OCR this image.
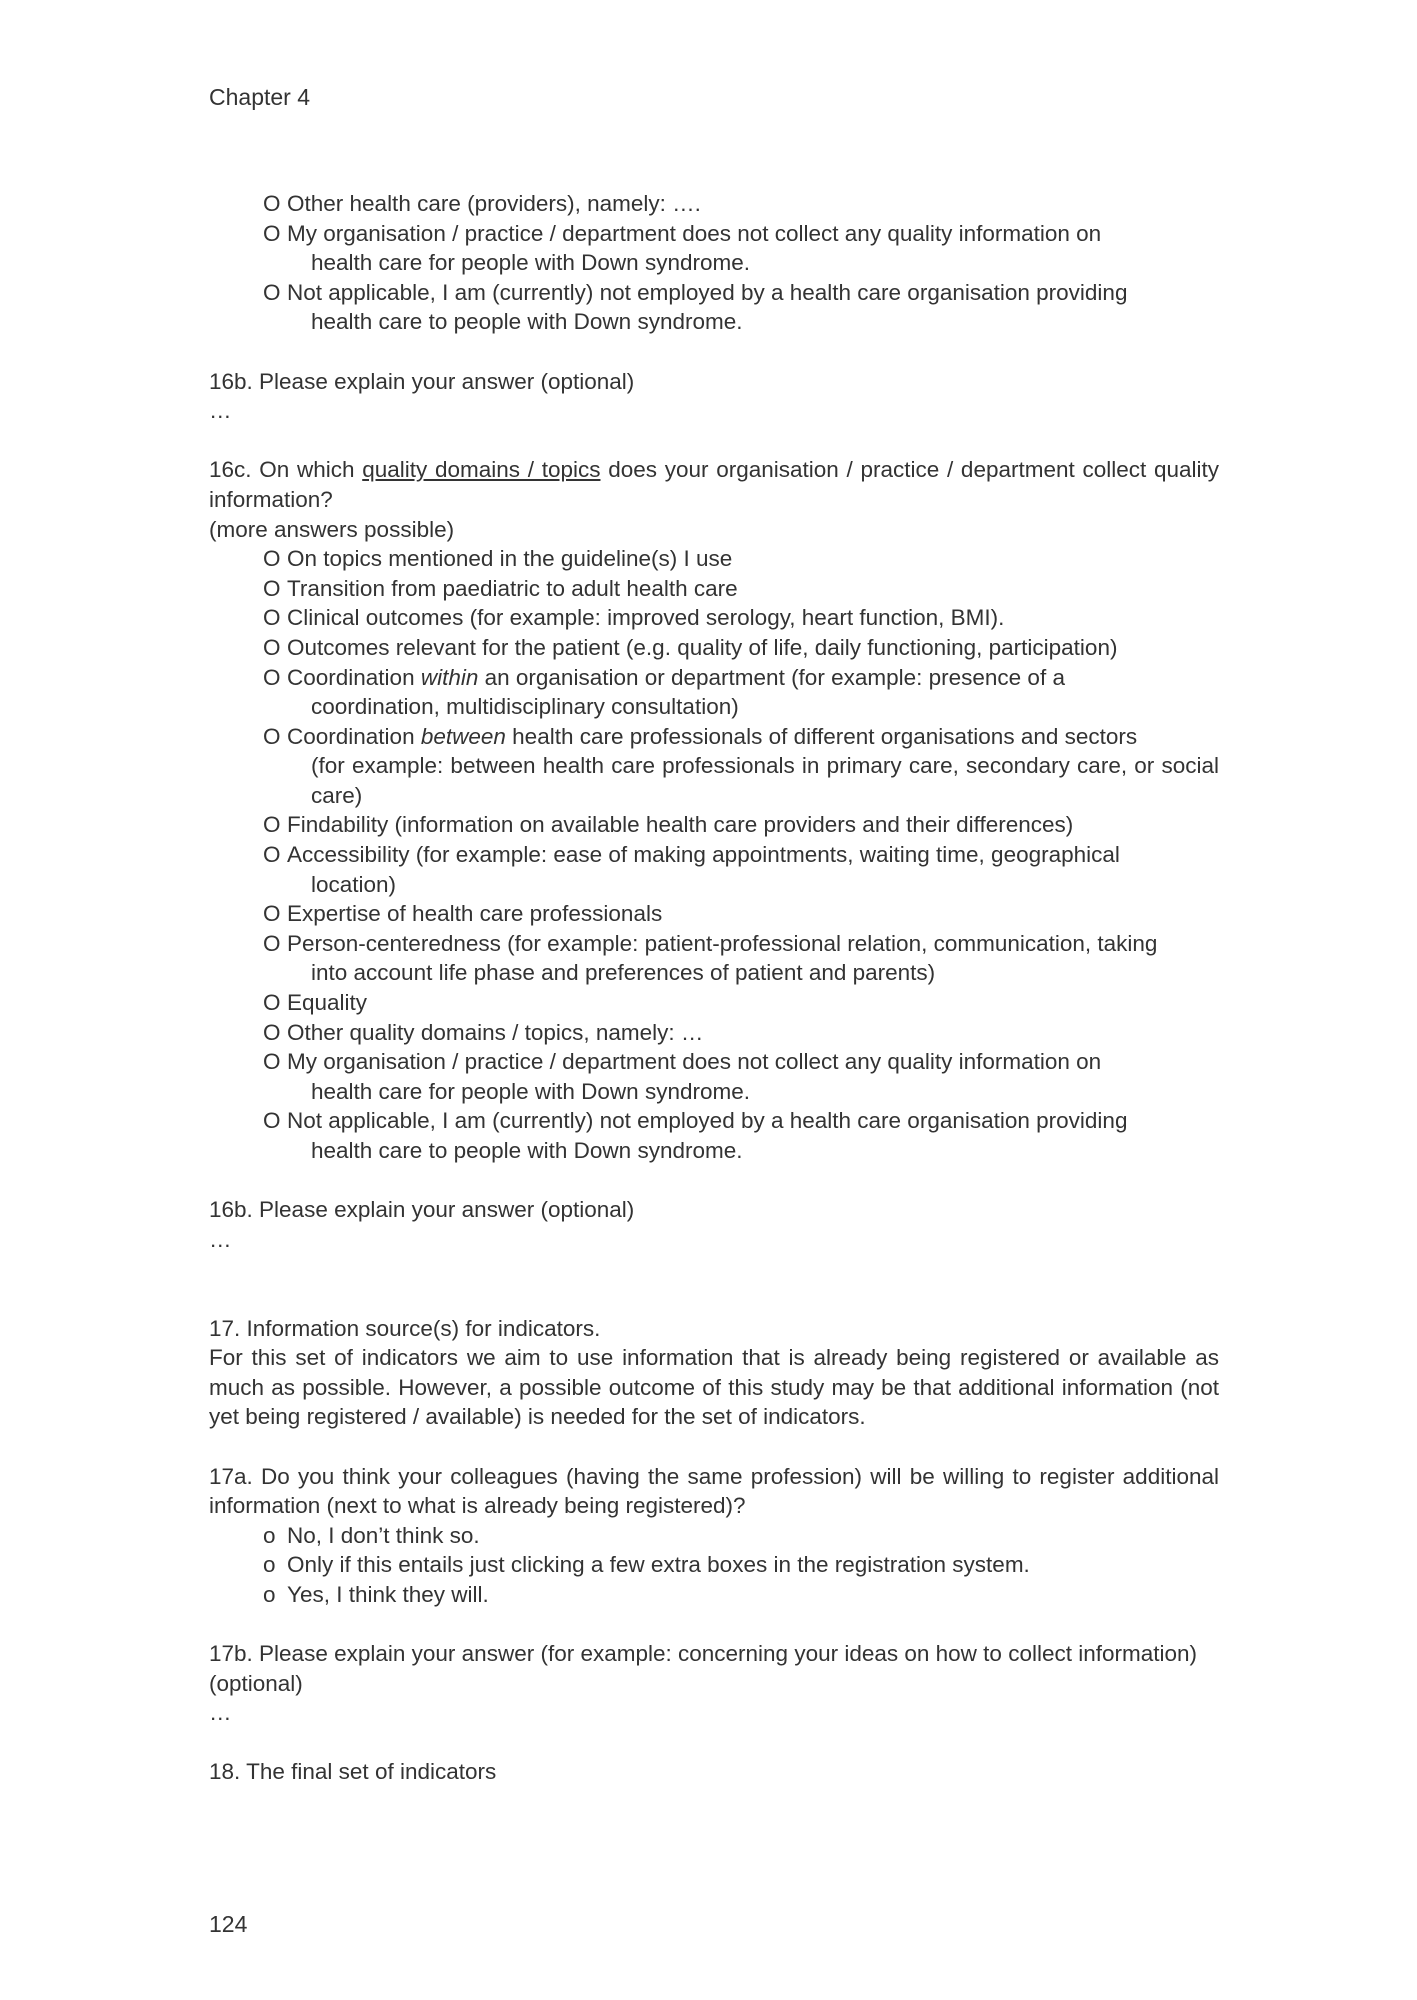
Chapter 4
O Other health care (providers), namely: ….
O My organisation / practice / department does not collect any quality information on
health care for people with Down syndrome.
O Not applicable, I am (currently) not employed by a health care organisation providing
health care to people with Down syndrome.

16b. Please explain your answer (optional)

…

16c. On which quality domains / topics does your organisation / practice / department collect quality information?

(more answers possible)

O On topics mentioned in the guideline(s) I use
O Transition from paediatric to adult health care
O Clinical outcomes (for example: improved serology, heart function, BMI).
O Outcomes relevant for the patient (e.g. quality of life, daily functioning, participation)
O Coordination within an organisation or department (for example: presence of a
coordination, multidisciplinary consultation)
O Coordination between health care professionals of different organisations and sectors
(for example: between health care professionals in primary care, secondary care, or social care)
O Findability (information on available health care providers and their differences)
O Accessibility (for example: ease of making appointments, waiting time, geographical
location)
O Expertise of health care professionals
O Person-centeredness (for example: patient-professional relation, communication, taking
into account life phase and preferences of patient and parents)
O Equality
O Other quality domains / topics, namely: …
O My organisation / practice / department does not collect any quality information on
health care for people with Down syndrome.
O Not applicable, I am (currently) not employed by a health care organisation providing
health care to people with Down syndrome.

16b. Please explain your answer (optional)

…

17. Information source(s) for indicators.

For this set of indicators we aim to use information that is already being registered or available as much as possible. However, a possible outcome of this study may be that additional information (not yet being registered / available) is needed for the set of indicators.

17a. Do you think your colleagues (having the same profession) will be willing to register additional information (next to what is already being registered)?

o No, I don’t think so.
o Only if this entails just clicking a few extra boxes in the registration system.
o Yes, I think they will.

17b. Please explain your answer (for example: concerning your ideas on how to collect information)

(optional)

…

18. The final set of indicators

124
